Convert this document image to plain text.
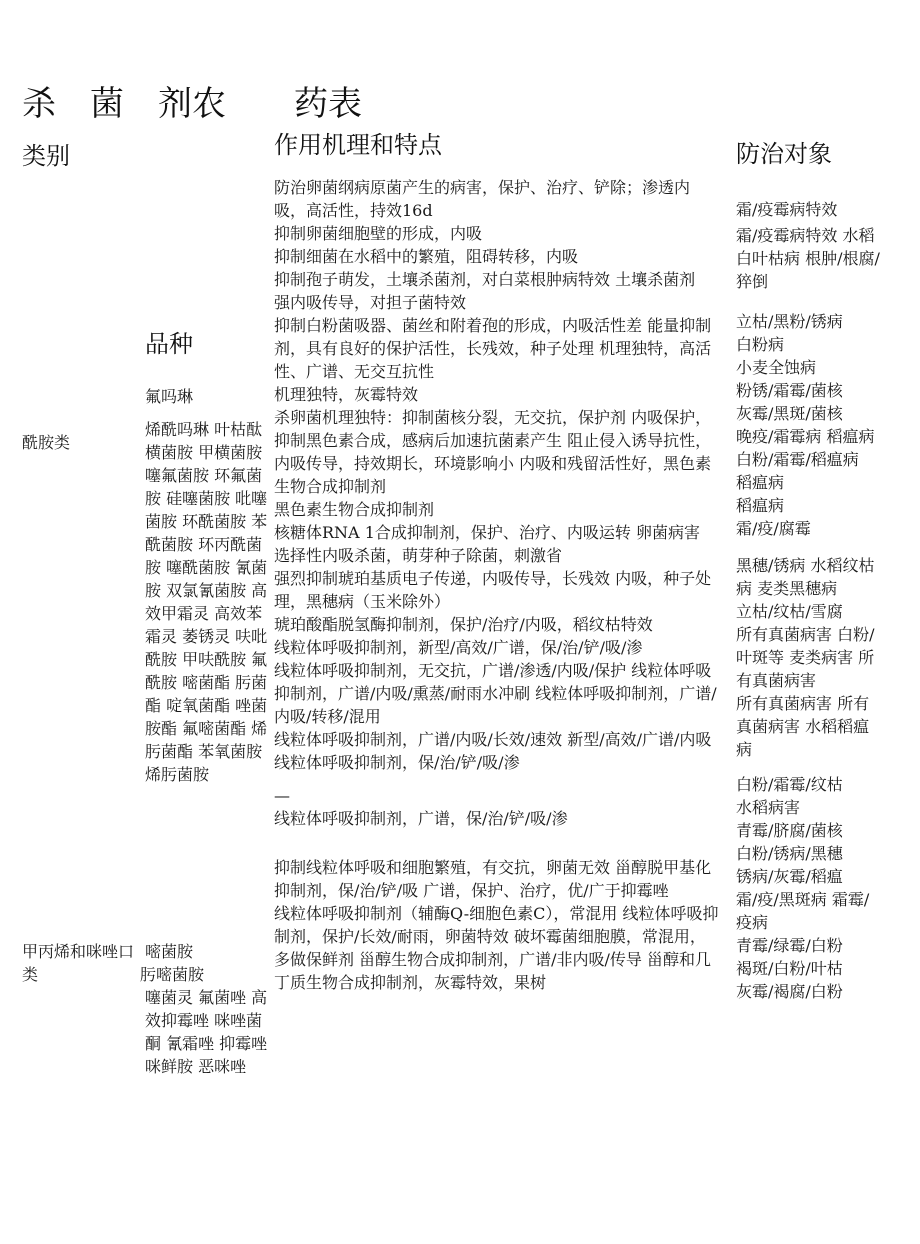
杀　菌　剂农　　药表
类别	作用机理和特点	防治对象
品种
氟吗琳
酰胺类
烯酰吗琳 叶枯酞 横菌胺 甲横菌胺 噻氟菌胺 环氟菌胺 硅噻菌胺 吡噻菌胺 环酰菌胺 苯酰菌胺 环丙酰菌胺 噻酰菌胺 氰菌胺 双氯氰菌胺 高效甲霜灵 高效苯霜灵 萎锈灵 呋吡酰胺 甲呋酰胺 氟酰胺 嘧菌酯 肟菌酯 啶氧菌酯 唑菌胺酯 氟嘧菌酯 烯肟菌酯 苯氧菌胺 烯肟菌胺
甲丙烯和咪唑口
类
嘧菌胺
肟嘧菌胺
噻菌灵 氟菌唑 高效抑霉唑 咪唑菌酮 氰霜唑 抑霉唑 咪鲜胺 恶咪唑
防治卵菌纲病原菌产生的病害，保护、治疗、铲除；渗透内吸，高活性，持效16d
抑制卵菌细胞壁的形成，内吸
抑制细菌在水稻中的繁殖，阻碍转移，内吸
抑制孢子萌发，土壤杀菌剂，对白菜根肿病特效 土壤杀菌剂
强内吸传导，对担子菌特效
抑制白粉菌吸器、菌丝和附着孢的形成，内吸活性差 能量抑制剂，具有良好的保护活性，长残效，种子处理 机理独特，高活性、广谱、无交互抗性
机理独特，灰霉特效
杀卵菌机理独特：抑制菌核分裂，无交抗，保护剂 内吸保护，抑制黑色素合成，感病后加速抗菌素产生 阻止侵入诱导抗性，内吸传导，持效期长，环境影响小 内吸和残留活性好，黑色素生物合成抑制剂
黑色素生物合成抑制剂
核糖体RNA 1合成抑制剂，保护、治疗、内吸运转 卵菌病害
选择性内吸杀菌，萌芽种子除菌，刺激省
强烈抑制琥珀基质电子传递，内吸传导，长残效 内吸，种子处理，黑穗病（玉米除外）
琥珀酸酯脱氢酶抑制剂，保护/治疗/内吸，稻纹枯特效
线粒体呼吸抑制剂，新型/高效/广谱，保/治/铲/吸/渗
线粒体呼吸抑制剂，无交抗，广谱/渗透/内吸/保护 线粒体呼吸抑制剂，广谱/内吸/熏蒸/耐雨水冲刷 线粒体呼吸抑制剂，广谱/内吸/转移/混用
线粒体呼吸抑制剂，广谱/内吸/长效/速效 新型/高效/广谱/内吸
线粒体呼吸抑制剂，保/治/铲/吸/渗
—
线粒体呼吸抑制剂，广谱，保/治/铲/吸/渗
抑制线粒体呼吸和细胞繁殖，有交抗，卵菌无效 甾醇脱甲基化抑制剂，保/治/铲/吸 广谱，保护、治疗，优/广于抑霉唑
线粒体呼吸抑制剂（辅酶Q-细胞色素C），常混用 线粒体呼吸抑制剂，保护/长效/耐雨，卵菌特效 破坏霉菌细胞膜，常混用，多做保鲜剂 甾醇生物合成抑制剂，广谱/非内吸/传导 甾醇和几丁质生物合成抑制剂，灰霉特效，果树
霜/疫霉病特效
霜/疫霉病特效 水稻白叶枯病 根肿/根腐/猝倒
立枯/黑粉/锈病
白粉病
小麦全蚀病
粉锈/霜霉/菌核
灰霉/黑斑/菌核
晚疫/霜霉病 稻瘟病
白粉/霜霉/稻瘟病
稻瘟病
稻瘟病
霜/疫/腐霉
黑穗/锈病 水稻纹枯病 麦类黑穗病
立枯/纹枯/雪腐
所有真菌病害 白粉/叶斑等 麦类病害 所有真菌病害
所有真菌病害 所有真菌病害 水稻稻瘟病
白粉/霜霉/纹枯
水稻病害
青霉/脐腐/菌核
白粉/锈病/黑穗
锈病/灰霉/稻瘟
霜/疫/黑斑病 霜霉/疫病
青霉/绿霉/白粉
褐斑/白粉/叶枯
灰霉/褐腐/白粉
